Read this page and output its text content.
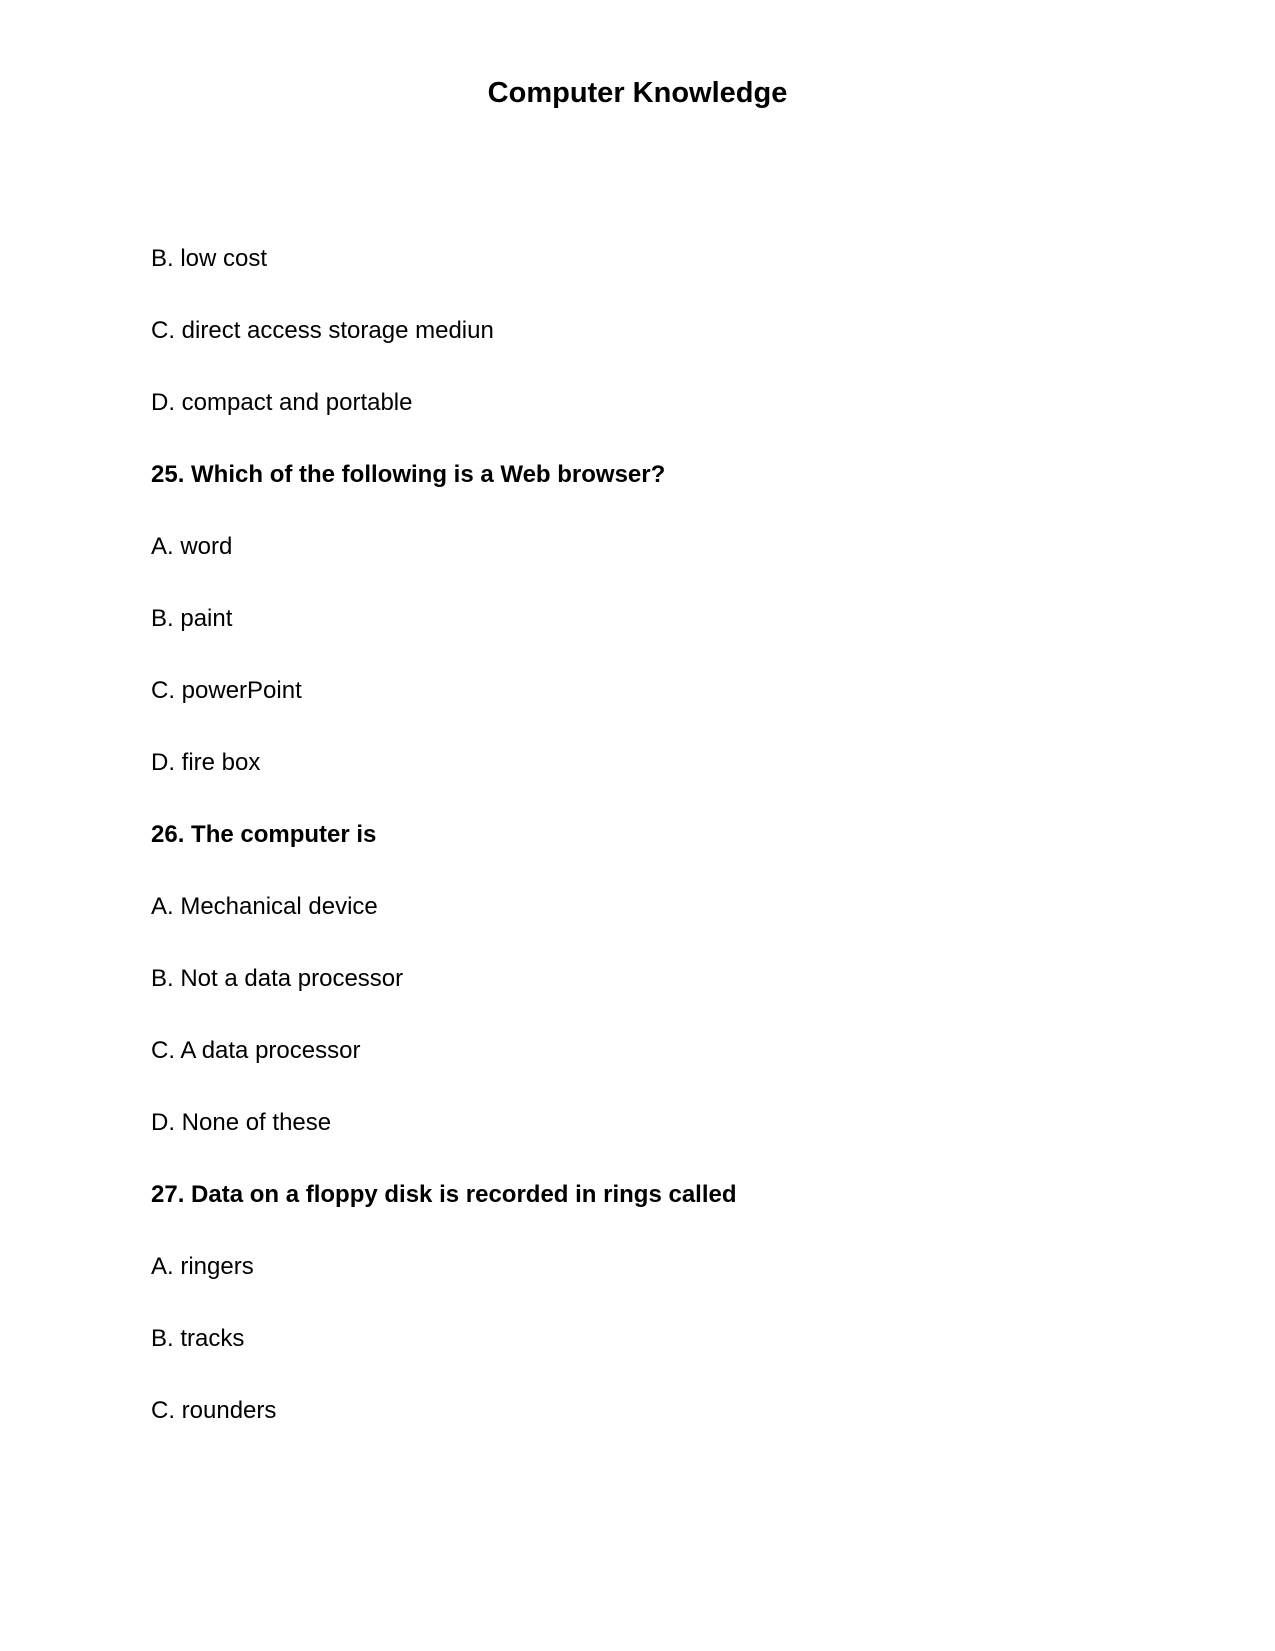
Computer Knowledge
B. low cost
C. direct access storage mediun
D. compact and portable
25. Which of the following is a Web browser?
A. word
B. paint
C. powerPoint
D. fire box
26. The computer is
A. Mechanical device
B. Not a data processor
C. A data processor
D. None of these
27. Data on a floppy disk is recorded in rings called
A. ringers
B. tracks
C. rounders
